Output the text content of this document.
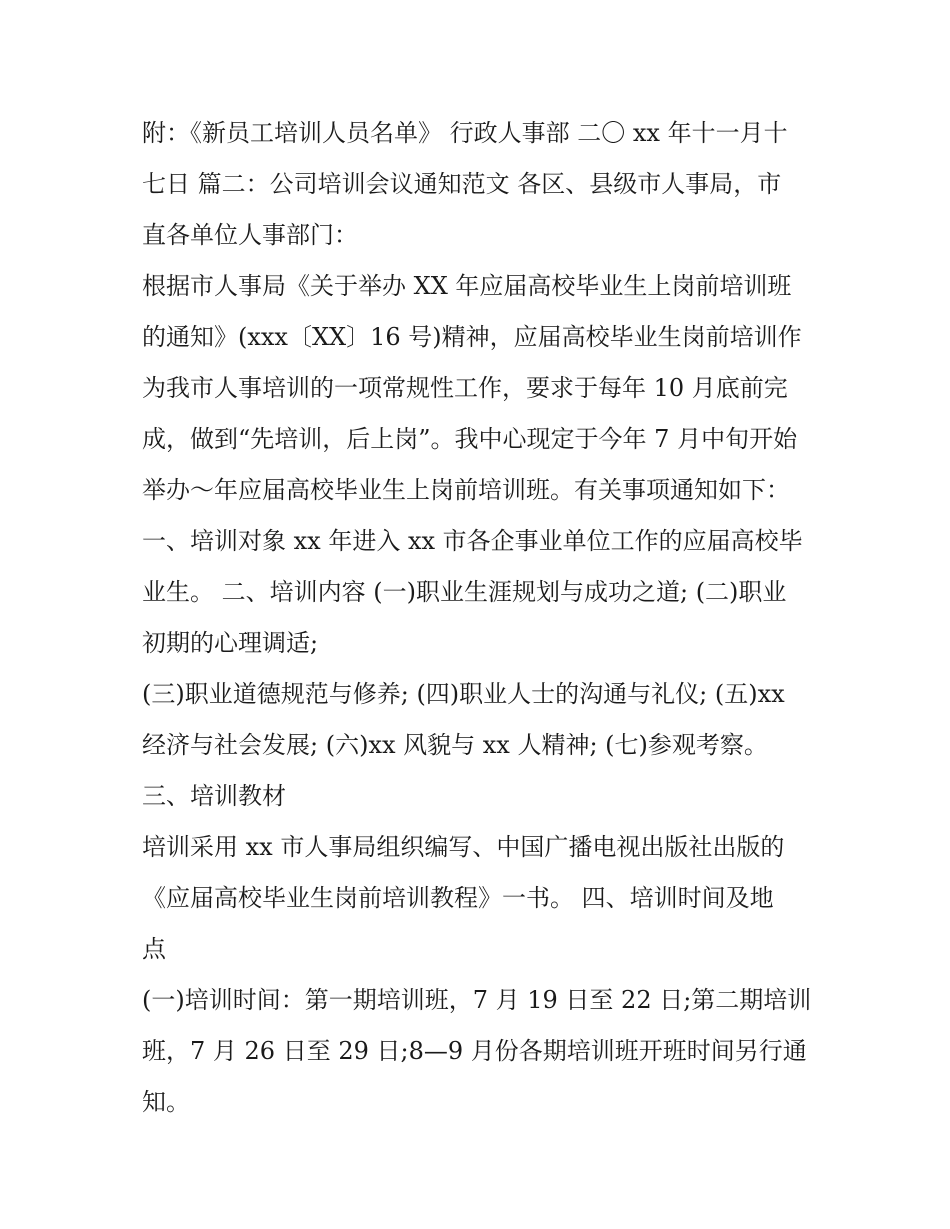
附：《新员工培训人员名单》 行政人事部 二〇 xx 年十一月十
七日 篇二：公司培训会议通知范文 各区、县级市人事局，市
直各单位人事部门：
根据市人事局《关于举办 XX 年应届高校毕业生上岗前培训班
的通知》(xxx〔XX〕16 号)精神，应届高校毕业生岗前培训作
为我市人事培训的一项常规性工作，要求于每年 10 月底前完
成，做到“先培训，后上岗”。我中心现定于今年 7 月中旬开始
举办～年应届高校毕业生上岗前培训班。有关事项通知如下：
一、培训对象 xx 年进入 xx 市各企事业单位工作的应届高校毕
业生。 二、培训内容 (一)职业生涯规划与成功之道; (二)职业
初期的心理调适;
(三)职业道德规范与修养; (四)职业人士的沟通与礼仪; (五)xx
经济与社会发展; (六)xx 风貌与 xx 人精神; (七)参观考察。
三、培训教材
培训采用 xx 市人事局组织编写、中国广播电视出版社出版的
《应届高校毕业生岗前培训教程》一书。 四、培训时间及地
点
(一)培训时间：第一期培训班，7 月 19 日至 22 日;第二期培训
班，7 月 26 日至 29 日;8—9 月份各期培训班开班时间另行通
知。
